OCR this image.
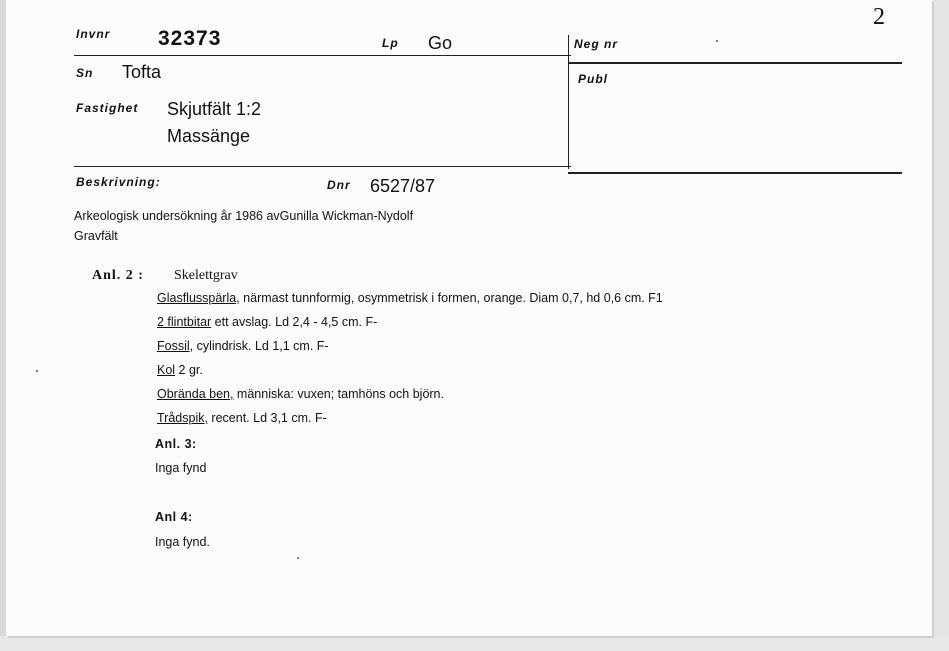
2
Invnr 32373	Lp Go	Neg nr
Sn Tofta	Publ
Fastighet Skjutfält 1:2
Massänge
Beskrivning:	Dnr 6527/87
Arkeologisk undersökning år 1986 avGunilla Wickman-Nydolf
Gravfält
Anl. 2 : Skelettgrav
Glasflusspärla, närmast tunnformig, osymmetrisk i formen, orange. Diam 0,7, hd 0,6 cm. F1
2 flintbitar ett avslag. Ld 2,4 - 4,5 cm. F-
Fossil, cylindrisk. Ld 1,1 cm. F-
Kol 2 gr.
Obrända ben, människa: vuxen; tamhöns och björn.
Trådspik, recent. Ld 3,1 cm. F-
Anl. 3:
Inga fynd
Anl 4:
Inga fynd.
